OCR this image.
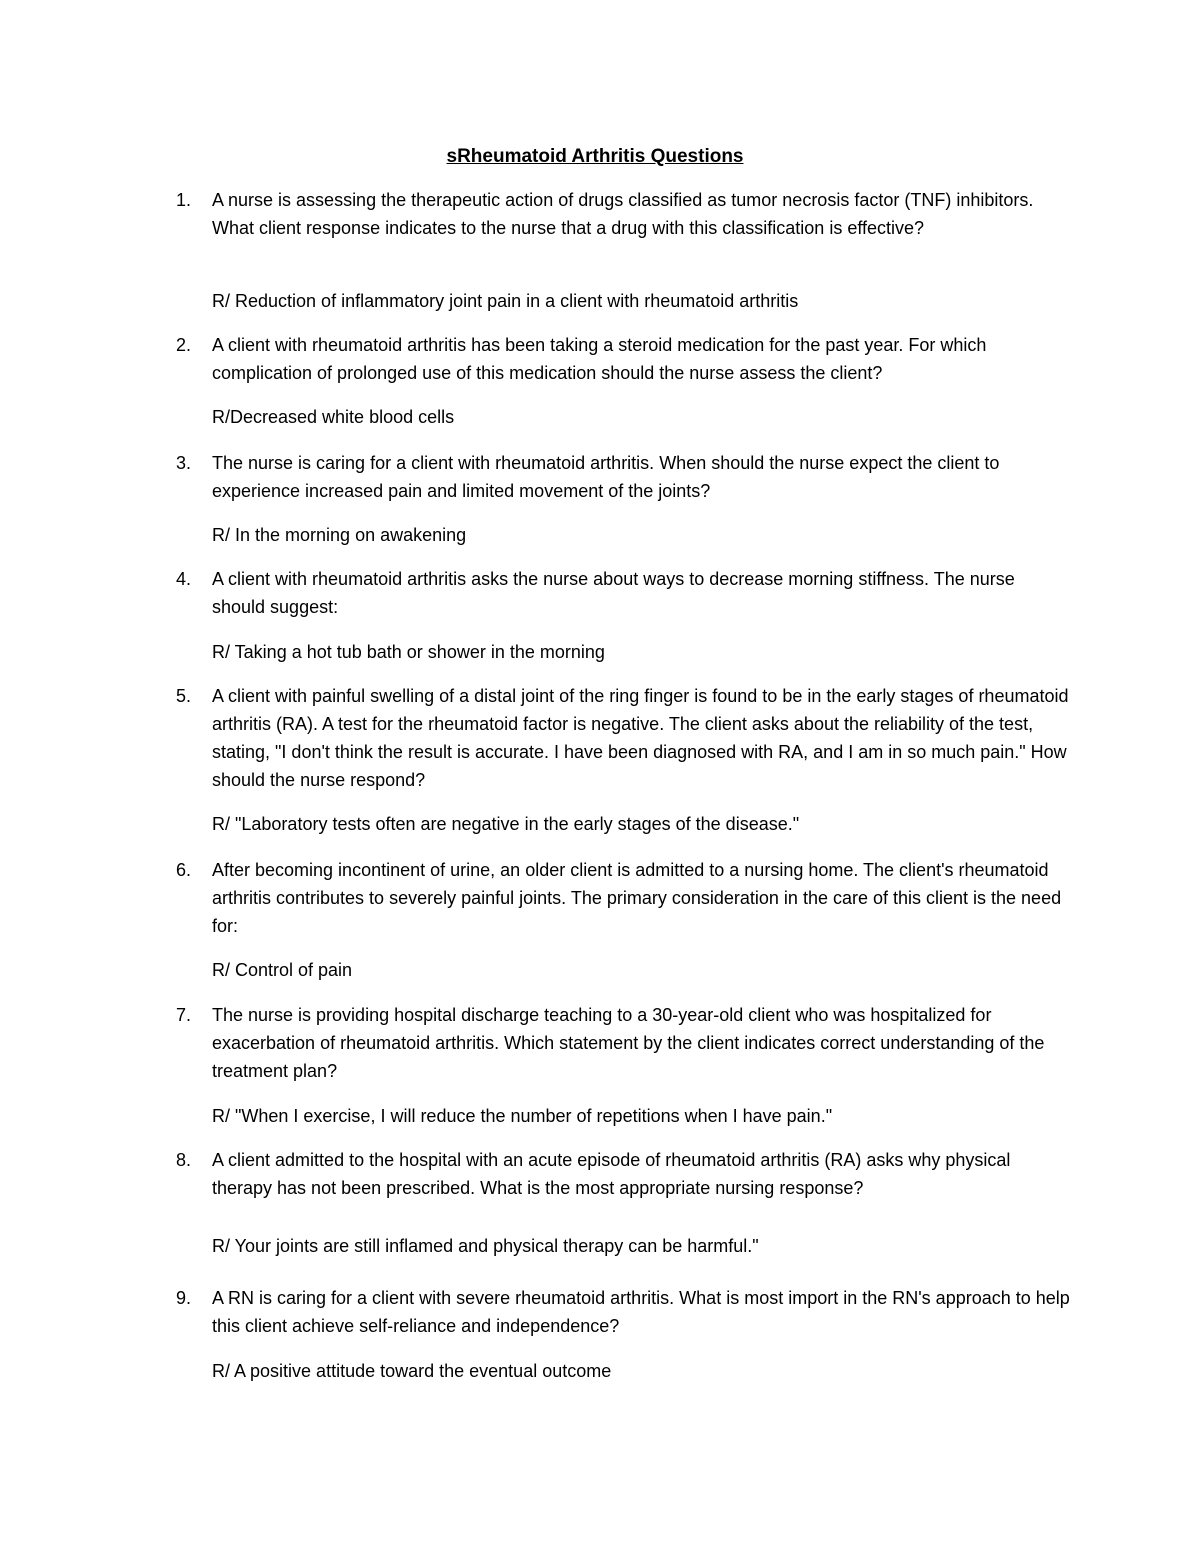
sRheumatoid Arthritis Questions
1.	A nurse is assessing the therapeutic action of drugs classified as tumor necrosis factor (TNF) inhibitors. What client response indicates to the nurse that a drug with this classification is effective?

R/ Reduction of inflammatory joint pain in a client with rheumatoid arthritis

2.	A client with rheumatoid arthritis has been taking a steroid medication for the past year. For which complication of prolonged use of this medication should the nurse assess the client?

R/Decreased white blood cells

3.	The nurse is caring for a client with rheumatoid arthritis. When should the nurse expect the client to experience increased pain and limited movement of the joints?

R/ In the morning on awakening

4.	A client with rheumatoid arthritis asks the nurse about ways to decrease morning stiffness. The nurse should suggest:

R/ Taking a hot tub bath or shower in the morning

5.	A client with painful swelling of a distal joint of the ring finger is found to be in the early stages of rheumatoid arthritis (RA). A test for the rheumatoid factor is negative. The client asks about the reliability of the test, stating, "I don't think the result is accurate. I have been diagnosed with RA, and I am in so much pain." How should the nurse respond?

R/ "Laboratory tests often are negative in the early stages of the disease."

6.	After becoming incontinent of urine, an older client is admitted to a nursing home. The client's rheumatoid arthritis contributes to severely painful joints. The primary consideration in the care of this client is the need for:

R/ Control of pain

7.	The nurse is providing hospital discharge teaching to a 30-year-old client who was hospitalized for exacerbation of rheumatoid arthritis. Which statement by the client indicates correct understanding of the treatment plan?

R/ "When I exercise, I will reduce the number of repetitions when I have pain."

8.	A client admitted to the hospital with an acute episode of rheumatoid arthritis (RA) asks why physical therapy has not been prescribed. What is the most appropriate nursing response?

R/ Your joints are still inflamed and physical therapy can be harmful."

9.	A RN is caring for a client with severe rheumatoid arthritis. What is most import in the RN's approach to help this client achieve self-reliance and independence?

R/ A positive attitude toward the eventual outcome
